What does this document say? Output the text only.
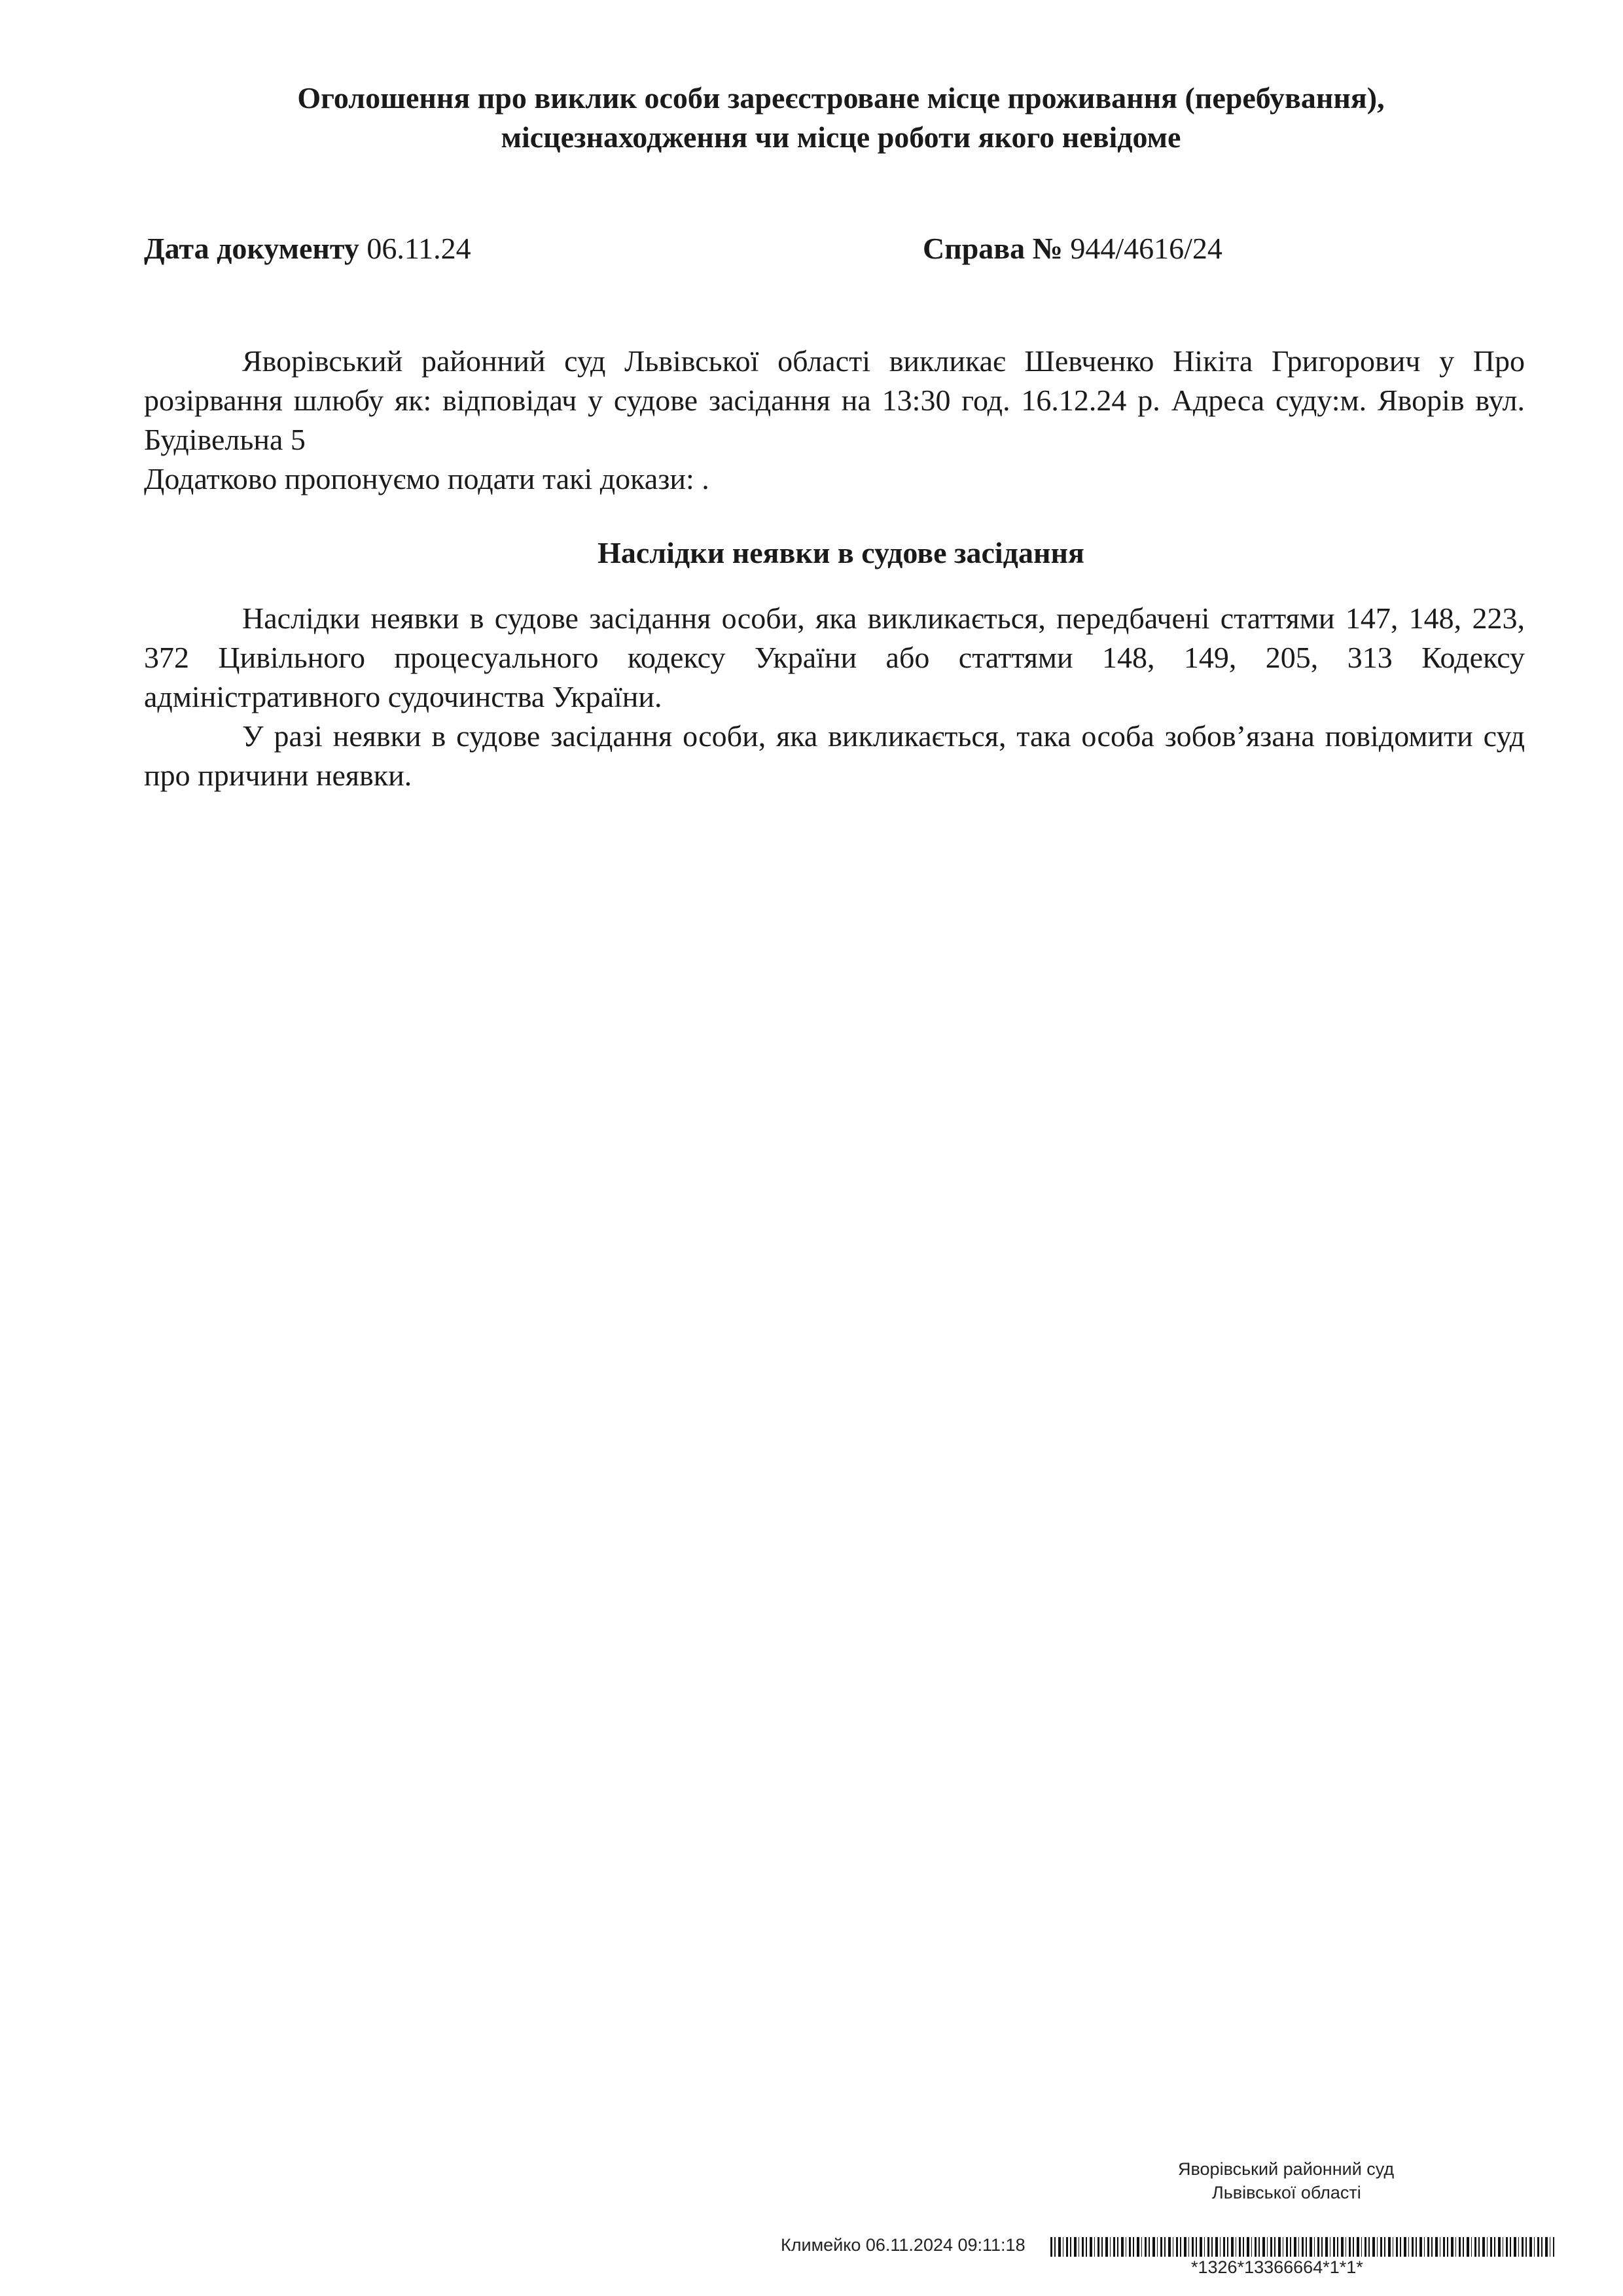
Оголошення про виклик особи зареєстроване місце проживання (перебування),
місцезнаходження чи місце роботи якого невідоме
Дата документу 06.11.24	Справа № 944/4616/24
Яворівський районний суд Львівської області викликає Шевченко Нікіта Григорович у Про розірвання шлюбу як: відповідач у судове засідання на 13:30 год. 16.12.24 р. Адреса суду:м. Яворів вул. Будівельна 5
Додатково пропонуємо подати такі докази: .
Наслідки неявки в судове засідання
Наслідки неявки в судове засідання особи, яка викликається, передбачені статтями 147, 148, 223, 372 Цивільного процесуального кодексу України або статтями 148, 149, 205, 313 Кодексу адміністративного судочинства України.
У разі неявки в судове засідання особи, яка викликається, така особа зобов’язана повідомити суд про причини неявки.
Яворівський районний суд
Львівської області
Климейко 06.11.2024 09:11:18
*1326*13366664*1*1*
